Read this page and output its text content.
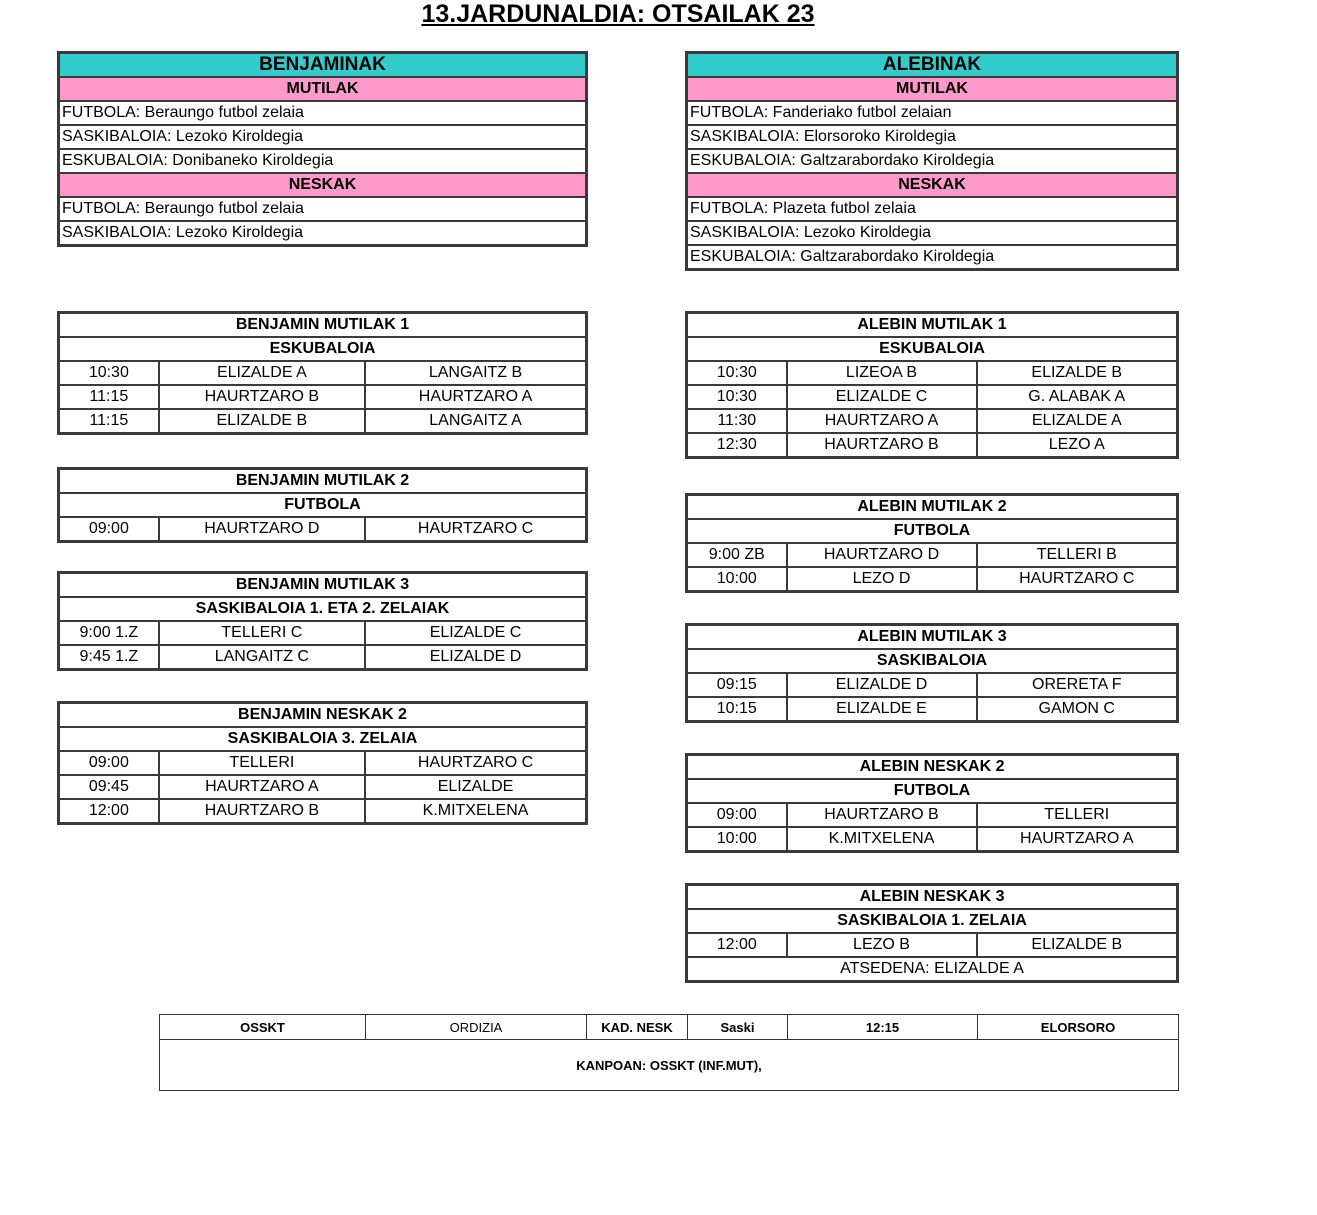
13.JARDUNALDIA: OTSAILAK 23
BENJAMINAK
MUTILAK
FUTBOLA: Beraungo futbol zelaia
SASKIBALOIA: Lezoko Kiroldegia
ESKUBALOIA: Donibaneko Kiroldegia
NESKAK
FUTBOLA: Beraungo futbol zelaia
SASKIBALOIA: Lezoko Kiroldegia
ALEBINAK
MUTILAK
FUTBOLA: Fanderiako futbol zelaian
SASKIBALOIA: Elorsoroko Kiroldegia
ESKUBALOIA: Galtzarabordako Kiroldegia
NESKAK
FUTBOLA: Plazeta futbol zelaia
SASKIBALOIA: Lezoko Kiroldegia
ESKUBALOIA: Galtzarabordako Kiroldegia
BENJAMIN MUTILAK 1		
ESKUBALOIA		
10:30	ELIZALDE A	LANGAITZ B
11:15	HAURTZARO B	HAURTZARO A
11:15	ELIZALDE B	LANGAITZ A
BENJAMIN MUTILAK 2
FUTBOLA
09:00	HAURTZARO D	HAURTZARO C
BENJAMIN MUTILAK 3		
SASKIBALOIA 1. ETA 2. ZELAIAK		
9:00 1.Z	TELLERI C	ELIZALDE C
9:45 1.Z	LANGAITZ C	ELIZALDE D
BENJAMIN NESKAK 2		
SASKIBALOIA 3. ZELAIA		
09:00	TELLERI	HAURTZARO C
09:45	HAURTZARO A	ELIZALDE
12:00	HAURTZARO B	K.MITXELENA
ALEBIN MUTILAK 1		
ESKUBALOIA		
10:30	LIZEOA B	ELIZALDE B
10:30	ELIZALDE C	G. ALABAK A
11:30	HAURTZARO A	ELIZALDE A
12:30	HAURTZARO B	LEZO A
ALEBIN MUTILAK 2		
FUTBOLA		
9:00 ZB	HAURTZARO D	TELLERI B
10:00	LEZO D	HAURTZARO C
ALEBIN MUTILAK 3		
SASKIBALOIA		
09:15	ELIZALDE D	ORERETA F
10:15	ELIZALDE E	GAMON C
ALEBIN NESKAK 2		
FUTBOLA		
09:00	HAURTZARO B	TELLERI
10:00	K.MITXELENA	HAURTZARO A
ALEBIN NESKAK 3
SASKIBALOIA 1. ZELAIA
12:00	LEZO B	ELIZALDE B
ATSEDENA: ELIZALDE A
OSSKT	ORDIZIA	KAD. NESK	Saski	12:15	ELORSORO
KANPOAN: OSSKT (INF.MUT),
